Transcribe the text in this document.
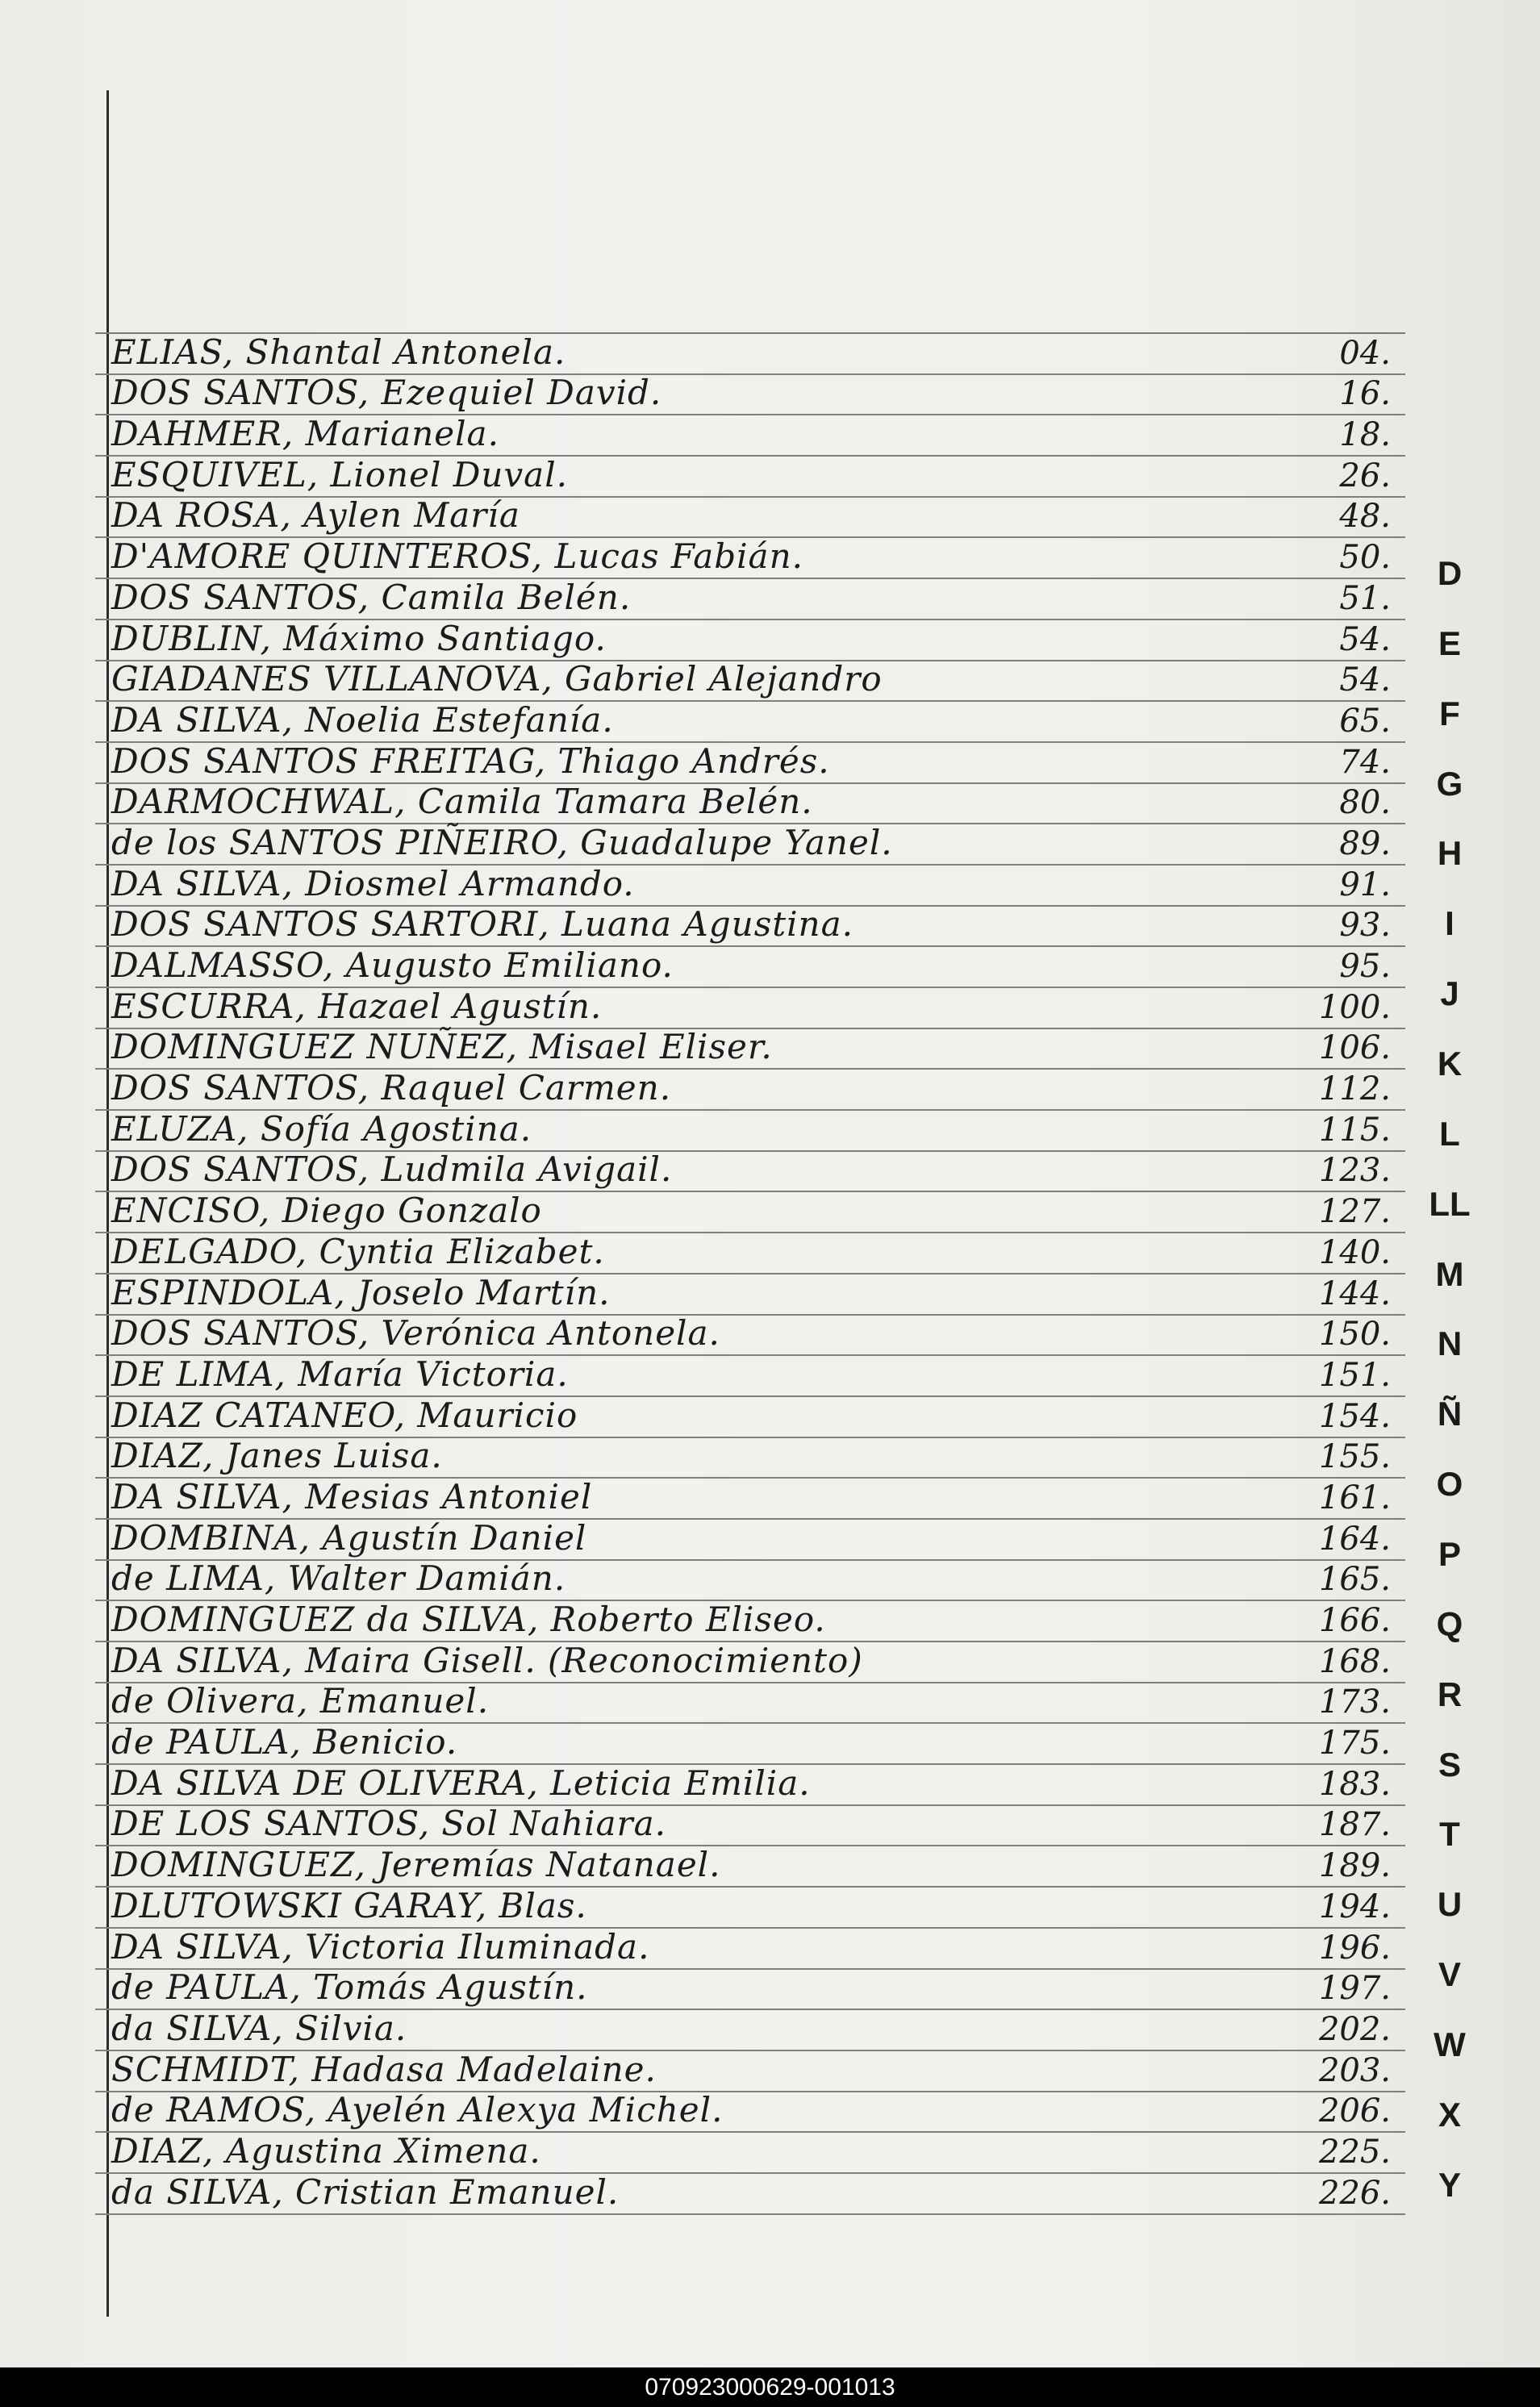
ELIAS, Shantal Antonela.	04.
DOS SANTOS, Ezequiel David.	16.
DAHMER, Marianela.	18.
ESQUIVEL, Lionel Duval.	26.
DA ROSA, Aylen María	48.
D'AMORE QUINTEROS, Lucas Fabián.	50.
DOS SANTOS, Camila Belén.	51.
DUBLIN, Máximo Santiago.	54.
GIADANES VILLANOVA, Gabriel Alejandro	54.
DA SILVA, Noelia Estefanía.	65.
DOS SANTOS FREITAG, Thiago Andrés.	74.
DARMOCHWAL, Camila Tamara Belén.	80.
de los SANTOS PIÑEIRO, Guadalupe Yanel.	89.
DA SILVA, Diosmel Armando.	91.
DOS SANTOS SARTORI, Luana Agustina.	93.
DALMASSO, Augusto Emiliano.	95.
ESCURRA, Hazael Agustín.	100.
DOMINGUEZ NUÑEZ, Misael Eliser.	106.
DOS SANTOS, Raquel Carmen.	112.
ELUZA, Sofía Agostina.	115.
DOS SANTOS, Ludmila Avigail.	123.
ENCISO, Diego Gonzalo	127.
DELGADO, Cyntia Elizabet.	140.
ESPINDOLA, Joselo Martín.	144.
DOS SANTOS, Verónica Antonela.	150.
DE LIMA, María Victoria.	151.
DIAZ CATANEO, Mauricio	154.
DIAZ, Janes Luisa.	155.
DA SILVA, Mesias Antoniel	161.
DOMBINA, Agustín Daniel	164.
de LIMA, Walter Damián.	165.
DOMINGUEZ da SILVA, Roberto Eliseo.	166.
DA SILVA, Maira Gisell. (Reconocimiento)	168.
de Olivera, Emanuel.	173.
de PAULA, Benicio.	175.
DA SILVA DE OLIVERA, Leticia Emilia.	183.
DE LOS SANTOS, Sol Nahiara.	187.
DOMINGUEZ, Jeremías Natanael.	189.
DLUTOWSKI GARAY, Blas.	194.
DA SILVA, Victoria Iluminada.	196.
de PAULA, Tomás Agustín.	197.
da SILVA, Silvia.	202.
SCHMIDT, Hadasa Madelaine.	203.
de RAMOS, Ayelén Alexya Michel.	206.
DIAZ, Agustina Ximena.	225.
da SILVA, Cristian Emanuel.	226.
D
E
F
G
H
I
J
K
L
LL
M
N
Ñ
O
P
Q
R
S
T
U
V
W
X
Y
070923000629-001013
